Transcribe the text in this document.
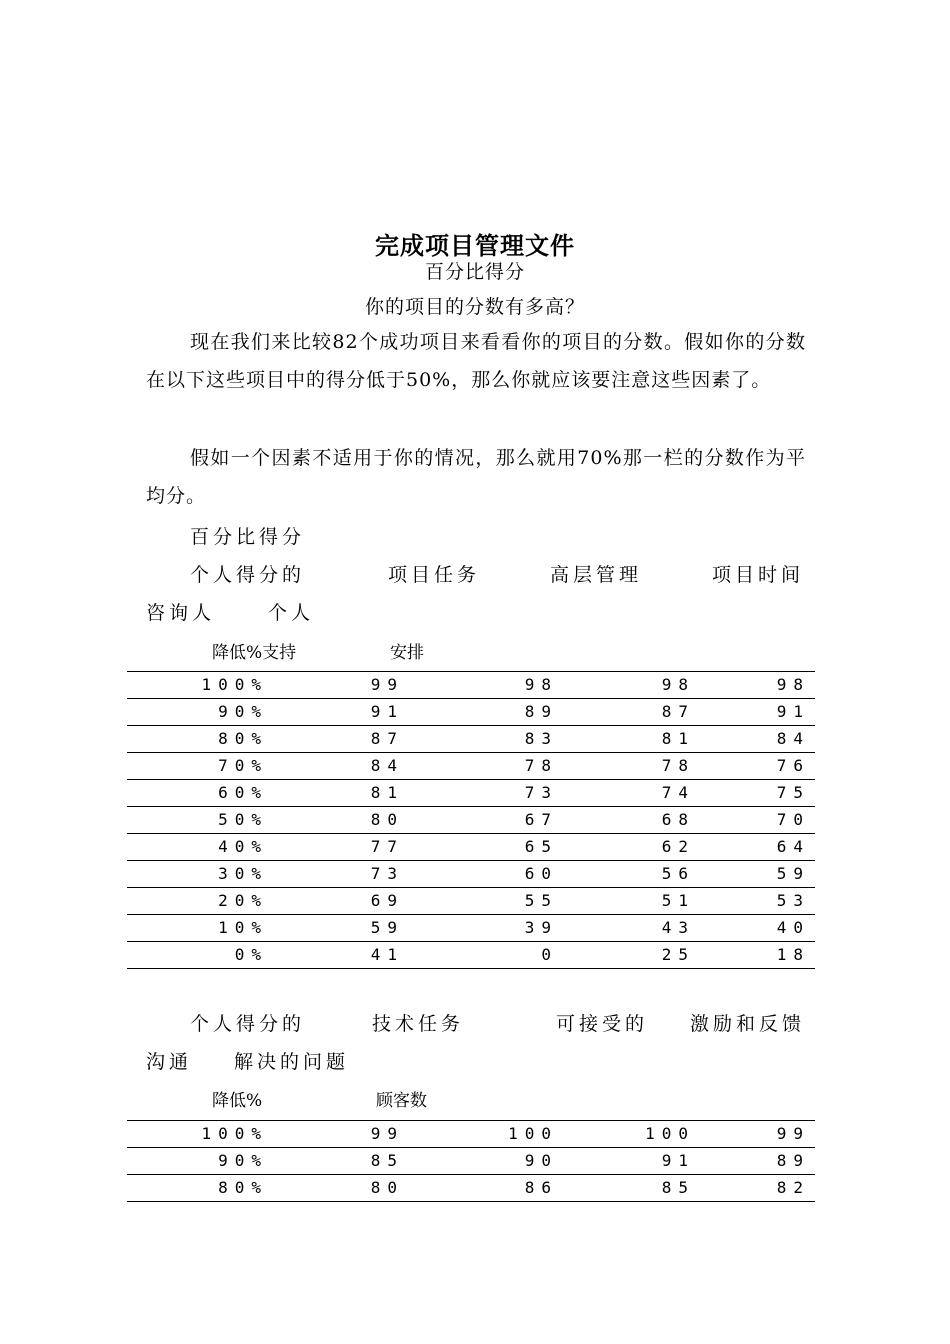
完成项目管理文件
百分比得分
你的项目的分数有多高？
现在我们来比较82个成功项目来看看你的项目的分数。假如你的分数在以下这些项目中的得分低于50%，那么你就应该要注意这些因素了。
假如一个因素不适用于你的情况，那么就用70%那一栏的分数作为平均分。
百分比得分
个人得分的	项目任务	高层管理	项目时间
咨询人	个人
降低%支持	安排
100%	99	98	98	98
90%	91	89	87	91
80%	87	83	81	84
70%	84	78	78	76
60%	81	73	74	75
50%	80	67	68	70
40%	77	65	62	64
30%	73	60	56	59
20%	69	55	51	53
10%	59	39	43	40
0%	41	0	25	18
个人得分的	技术任务	可接受的 激励和反馈
沟通 解决的问题
降低%	顾客数
100%	99	100	100	99
90%	85	90	91	89
80%	80	86	85	82
